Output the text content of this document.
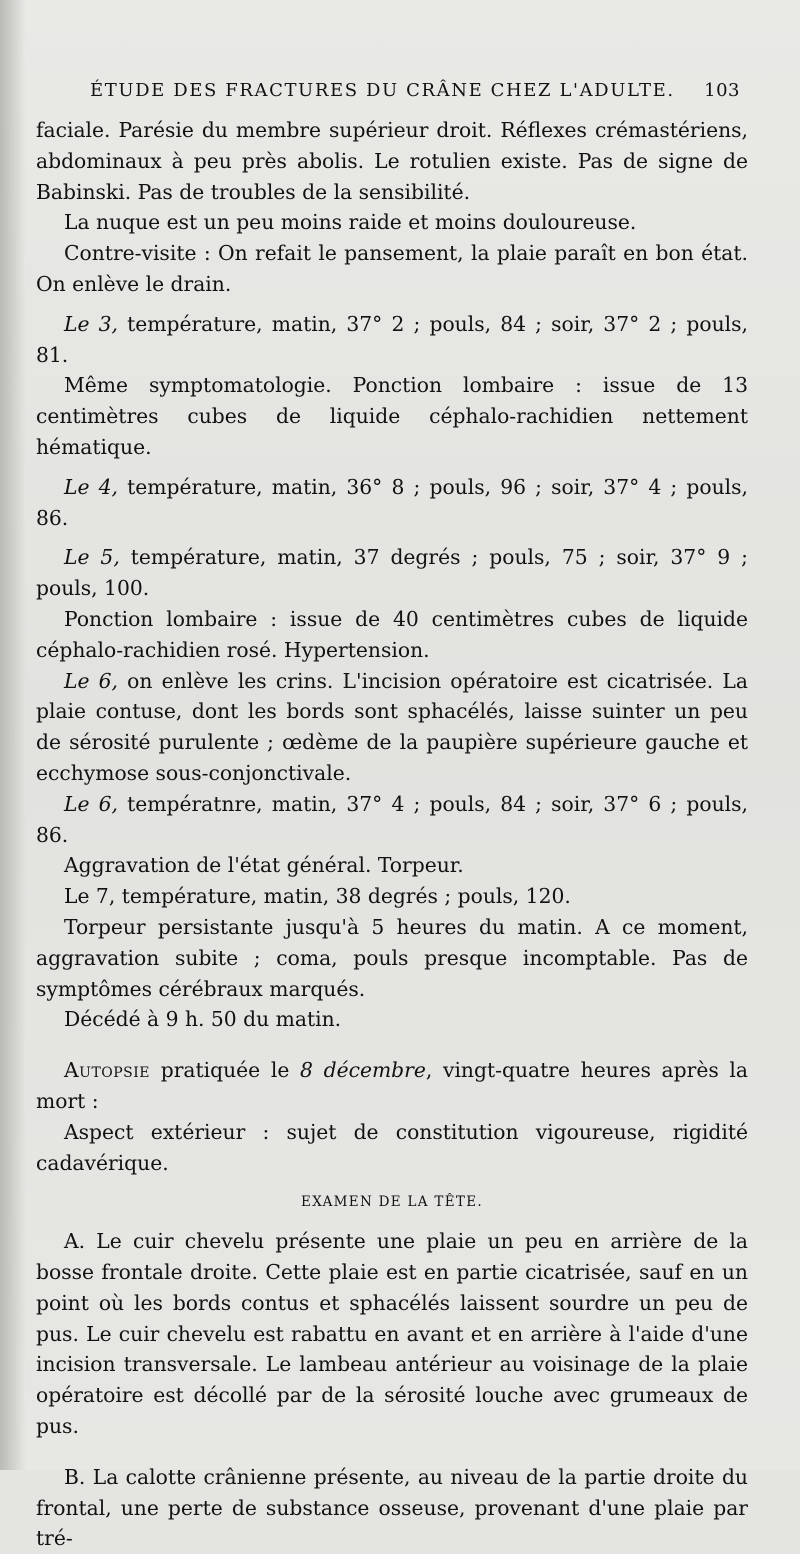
ÉTUDE DES FRACTURES DU CRÂNE CHEZ L'ADULTE. 103

faciale. Parésie du membre supérieur droit. Réflexes crémastériens, abdominaux à peu près abolis. Le rotulien existe. Pas de signe de Babinski. Pas de troubles de la sensibilité.

La nuque est un peu moins raide et moins douloureuse.

Contre-visite : On refait le pansement, la plaie paraît en bon état. On enlève le drain.

Le 3, température, matin, 37° 2 ; pouls, 84 ; soir, 37° 2 ; pouls, 81.

Même symptomatologie. Ponction lombaire : issue de 13 centimètres cubes de liquide céphalo-rachidien nettement hématique.

Le 4, température, matin, 36° 8 ; pouls, 96 ; soir, 37° 4 ; pouls, 86.

Le 5, température, matin, 37 degrés ; pouls, 75 ; soir, 37° 9 ; pouls, 100.

Ponction lombaire : issue de 40 centimètres cubes de liquide céphalo-rachidien rosé. Hypertension.

Le 6, on enlève les crins. L'incision opératoire est cicatrisée. La plaie contuse, dont les bords sont sphacélés, laisse suinter un peu de sérosité purulente ; œdème de la paupière supérieure gauche et ecchymose sous-conjonctivale.

Le 6, températnre, matin, 37° 4 ; pouls, 84 ; soir, 37° 6 ; pouls, 86.

Aggravation de l'état général. Torpeur.

Le 7, température, matin, 38 degrés ; pouls, 120.

Torpeur persistante jusqu'à 5 heures du matin. A ce moment, aggravation subite ; coma, pouls presque incomptable. Pas de symptômes cérébraux marqués.

Décédé à 9 h. 50 du matin.

Autopsie pratiquée le 8 décembre, vingt-quatre heures après la mort :

Aspect extérieur : sujet de constitution vigoureuse, rigidité cadavérique.

EXAMEN DE LA TÊTE.

A. Le cuir chevelu présente une plaie un peu en arrière de la bosse frontale droite. Cette plaie est en partie cicatrisée, sauf en un point où les bords contus et sphacélés laissent sourdre un peu de pus. Le cuir chevelu est rabattu en avant et en arrière à l'aide d'une incision transversale. Le lambeau antérieur au voisinage de la plaie opératoire est décollé par de la sérosité louche avec grumeaux de pus.

B. La calotte crânienne présente, au niveau de la partie droite du frontal, une perte de substance osseuse, provenant d'une plaie par tré-
